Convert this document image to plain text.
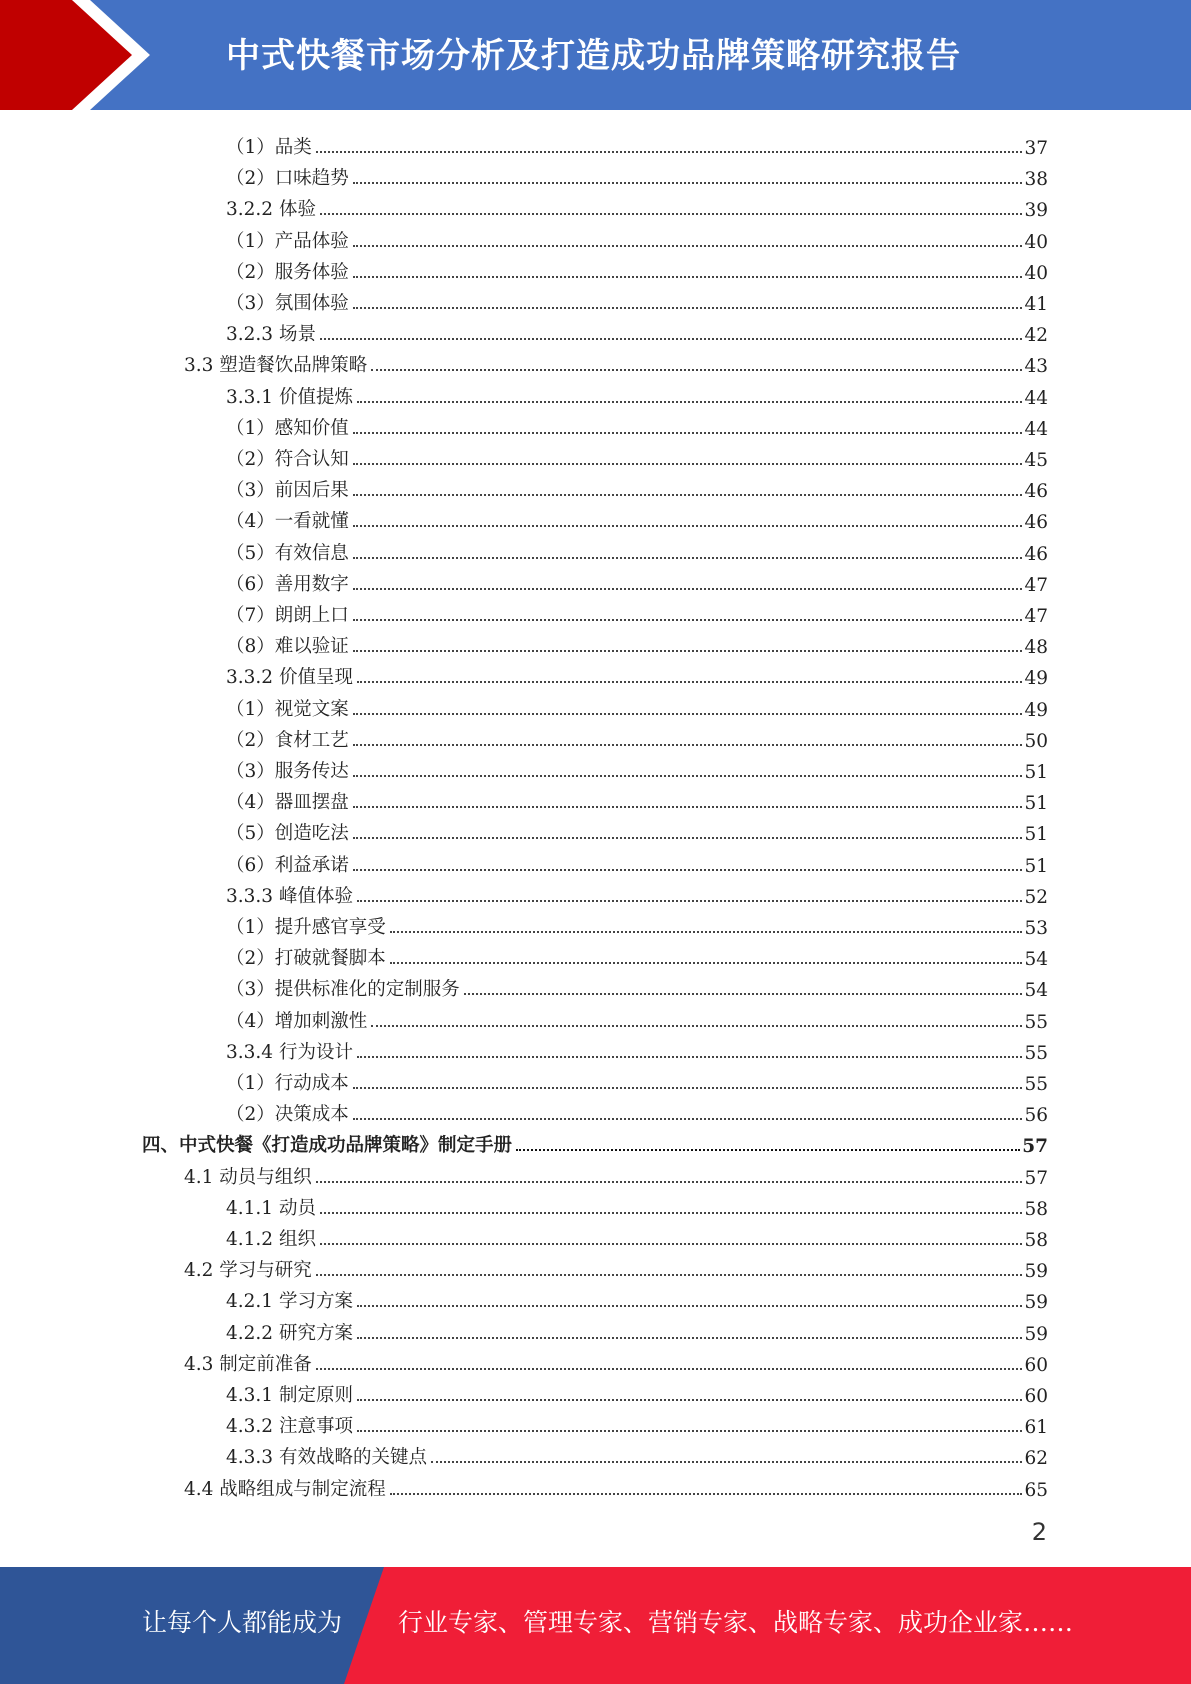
中式快餐市场分析及打造成功品牌策略研究报告
（1）品类	37
（2）口味趋势	38
3.2.2 体验	39
（1）产品体验	40
（2）服务体验	40
（3）氛围体验	41
3.2.3 场景	42
3.3 塑造餐饮品牌策略	43
3.3.1 价值提炼	44
（1）感知价值	44
（2）符合认知	45
（3）前因后果	46
（4）一看就懂	46
（5）有效信息	46
（6）善用数字	47
（7）朗朗上口	47
（8）难以验证	48
3.3.2 价值呈现	49
（1）视觉文案	49
（2）食材工艺	50
（3）服务传达	51
（4）器皿摆盘	51
（5）创造吃法	51
（6）利益承诺	51
3.3.3 峰值体验	52
（1）提升感官享受	53
（2）打破就餐脚本	54
（3）提供标准化的定制服务	54
（4）增加刺激性	55
3.3.4 行为设计	55
（1）行动成本	55
（2）决策成本	56
四、中式快餐《打造成功品牌策略》制定手册	57
4.1 动员与组织	57
4.1.1 动员	58
4.1.2 组织	58
4.2 学习与研究	59
4.2.1 学习方案	59
4.2.2 研究方案	59
4.3 制定前准备	60
4.3.1 制定原则	60
4.3.2 注意事项	61
4.3.3 有效战略的关键点	62
4.4 战略组成与制定流程	65
2
让每个人都能成为 行业专家、管理专家、营销专家、战略专家、成功企业家……
